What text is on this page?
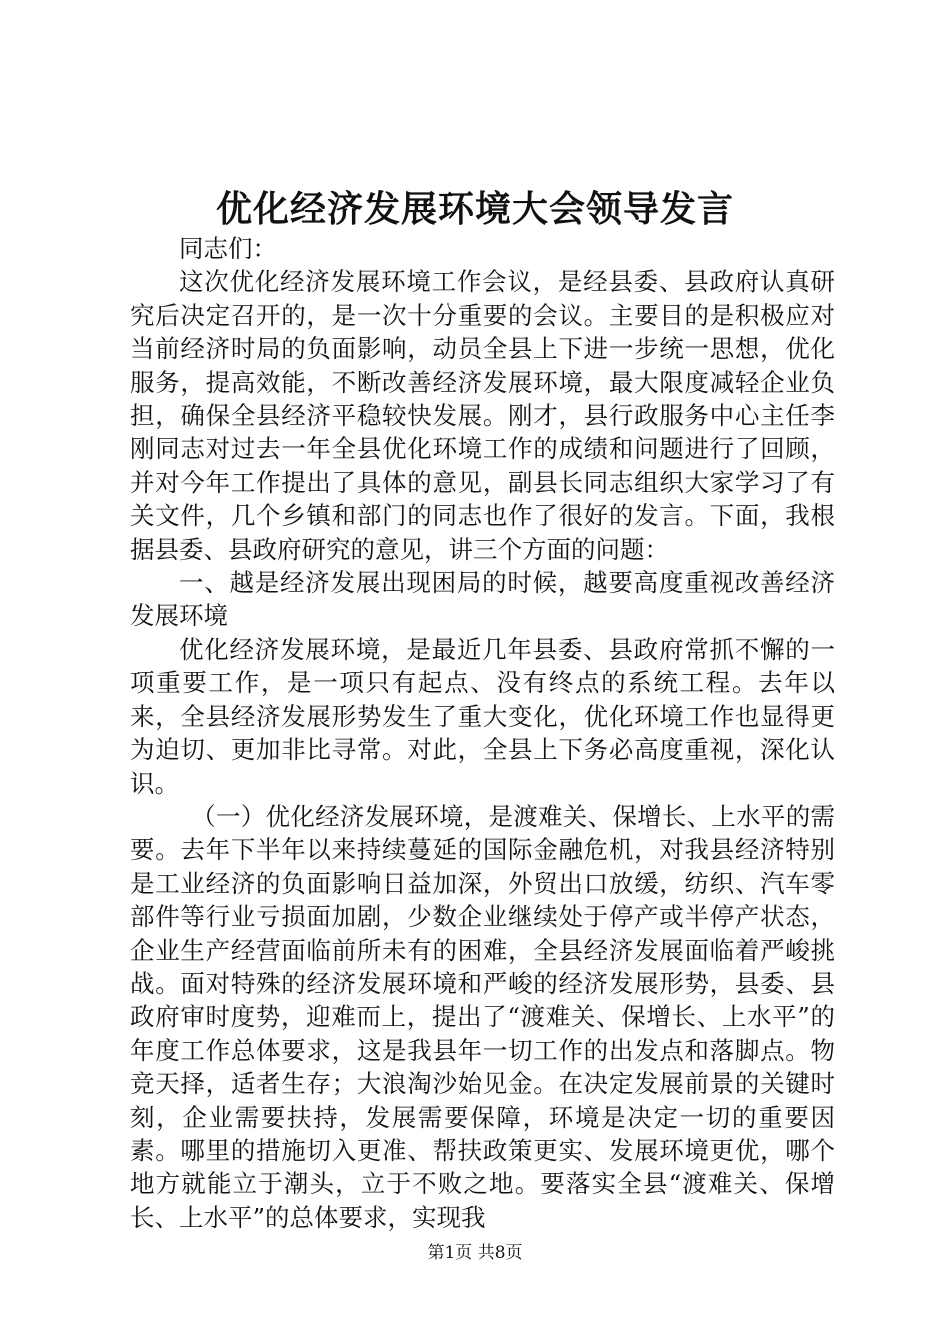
优化经济发展环境大会领导发言

同志们：

这次优化经济发展环境工作会议，是经县委、县政府认真研究后决定召开的，是一次十分重要的会议。主要目的是积极应对当前经济时局的负面影响，动员全县上下进一步统一思想，优化服务，提高效能，不断改善经济发展环境，最大限度减轻企业负担，确保全县经济平稳较快发展。刚才，县行政服务中心主任李刚同志对过去一年全县优化环境工作的成绩和问题进行了回顾，并对今年工作提出了具体的意见，副县长同志组织大家学习了有关文件，几个乡镇和部门的同志也作了很好的发言。下面，我根据县委、县政府研究的意见，讲三个方面的问题：

一、越是经济发展出现困局的时候，越要高度重视改善经济发展环境

优化经济发展环境，是最近几年县委、县政府常抓不懈的一项重要工作，是一项只有起点、没有终点的系统工程。去年以来，全县经济发展形势发生了重大变化，优化环境工作也显得更为迫切、更加非比寻常。对此，全县上下务必高度重视，深化认识。

（一）优化经济发展环境，是渡难关、保增长、上水平的需要。去年下半年以来持续蔓延的国际金融危机，对我县经济特别是工业经济的负面影响日益加深，外贸出口放缓，纺织、汽车零部件等行业亏损面加剧，少数企业继续处于停产或半停产状态，企业生产经营面临前所未有的困难，全县经济发展面临着严峻挑战。面对特殊的经济发展环境和严峻的经济发展形势，县委、县政府审时度势，迎难而上，提出了“渡难关、保增长、上水平”的年度工作总体要求，这是我县年一切工作的出发点和落脚点。物竞天择，适者生存；大浪淘沙始见金。在决定发展前景的关键时刻，企业需要扶持，发展需要保障，环境是决定一切的重要因素。哪里的措施切入更准、帮扶政策更实、发展环境更优，哪个地方就能立于潮头，立于不败之地。要落实全县“渡难关、保增长、上水平”的总体要求，实现我

第1页 共8页
